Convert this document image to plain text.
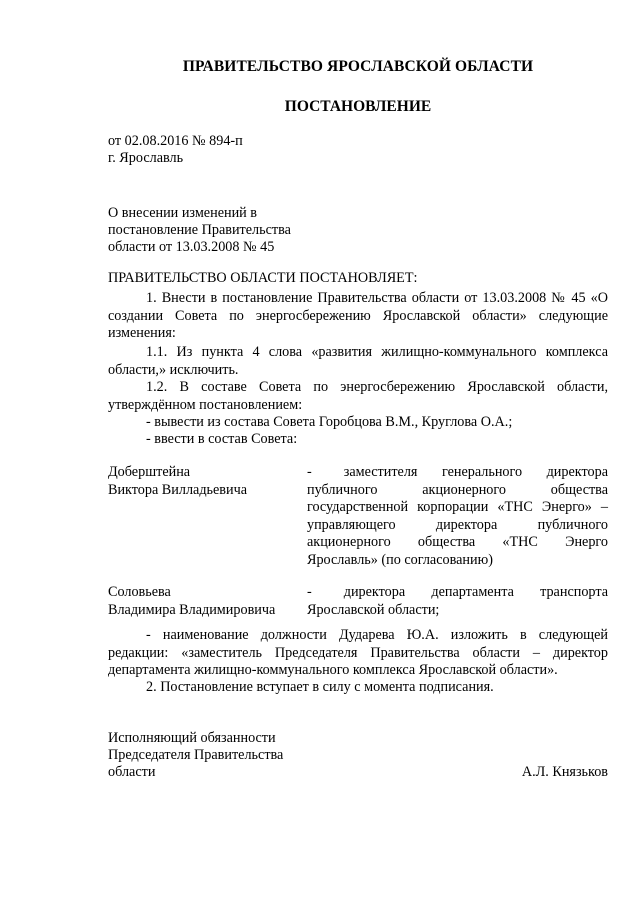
ПРАВИТЕЛЬСТВО ЯРОСЛАВСКОЙ ОБЛАСТИ
ПОСТАНОВЛЕНИЕ
от 02.08.2016 № 894-п
г. Ярославль
О внесении изменений в
постановление Правительства
области от 13.03.2008 № 45
ПРАВИТЕЛЬСТВО ОБЛАСТИ ПОСТАНОВЛЯЕТ:
1. Внести в постановление Правительства области от 13.03.2008 № 45 «О создании Совета по энергосбережению Ярославской области» следующие изменения:
1.1. Из пункта 4 слова «развития жилищно-коммунального комплекса области,» исключить.
1.2. В составе Совета по энергосбережению Ярославской области, утверждённом постановлением:
- вывести из состава Совета Горобцова В.М., Круглова О.А.;
- ввести в состав Совета:
Доберштейна
Виктора Вилладьевича
- заместителя генерального директора публичного акционерного общества государственной корпорации «ТНС Энерго» – управляющего директора публичного акционерного общества «ТНС Энерго Ярославль» (по согласованию)
Соловьева
Владимира Владимировича
- директора департамента транспорта Ярославской области;
- наименование должности Дударева Ю.А. изложить в следующей редакции: «заместитель Председателя Правительства области – директор департамента жилищно-коммунального комплекса Ярославской области».
2. Постановление вступает в силу с момента подписания.
Исполняющий обязанности
Председателя Правительства
области	А.Л. Князьков
